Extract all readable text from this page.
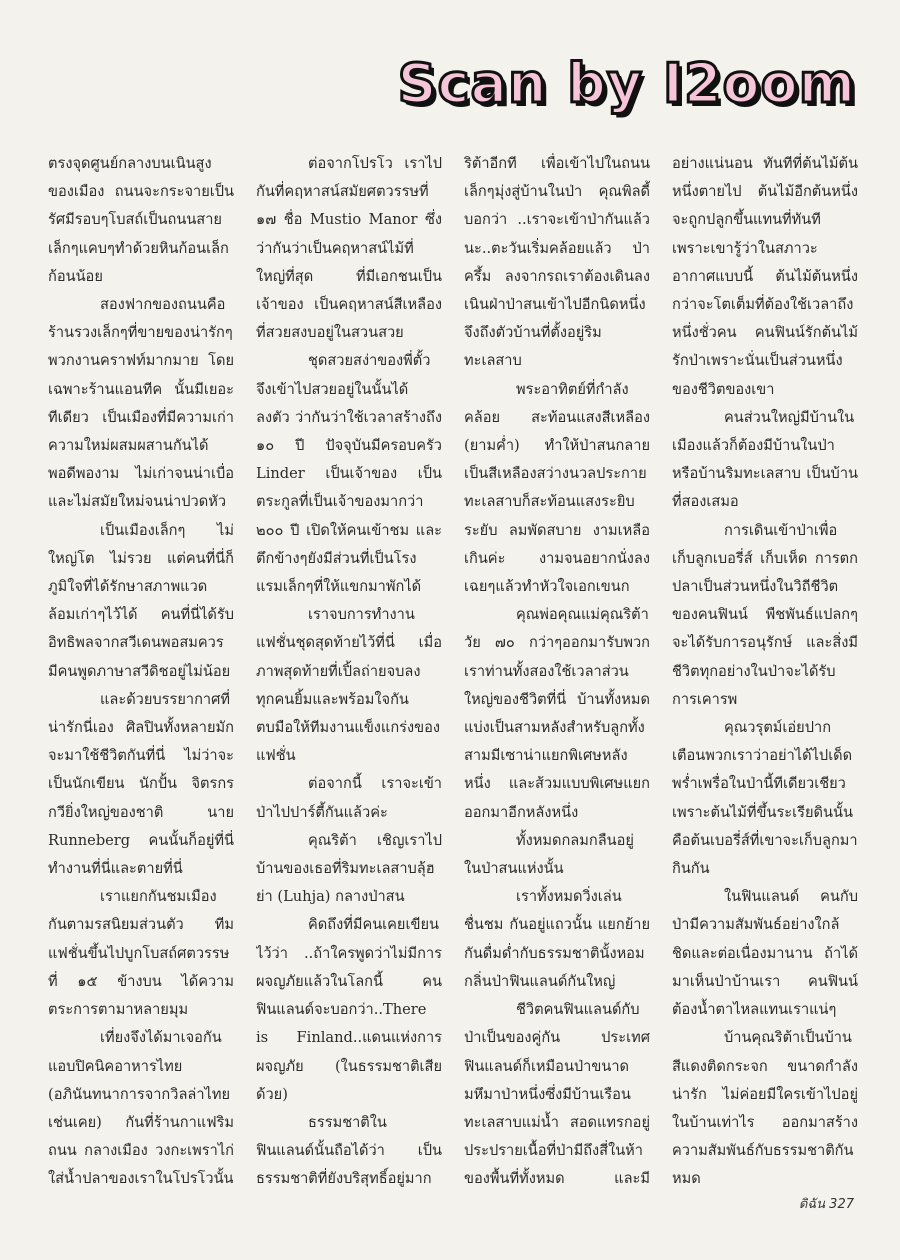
Scan by I2oom

ตรงจุดศูนย์กลางบนเนินสูงของเมือง ถนนจะกระจายเป็นรัศมีรอบๆโบสถ์เป็นถนนสายเล็กๆแคบๆทำด้วยหินก้อนเล็กก้อนน้อย

สองฟากของถนนคือร้านรวงเล็กๆที่ขายของน่ารักๆพวกงานคราฟท์มากมาย โดยเฉพาะร้านแอนทีค นั้นมีเยอะทีเดียว เป็นเมืองที่มีความเก่าความใหม่ผสมผสานกันได้พอดีพองาม ไม่เก่าจนน่าเบื่อ และไม่สมัยใหม่จนน่าปวดหัว

เป็นเมืองเล็กๆ ไม่ใหญ่โต ไม่รวย แต่คนที่นี่ก็ภูมิใจที่ได้รักษาสภาพแวดล้อมเก่าๆไว้ได้ คนที่นี่ได้รับอิทธิพลจากสวีเดนพอสมควร มีคนพูดภาษาสวีดิชอยู่ไม่น้อย

และด้วยบรรยากาศที่น่ารักนี่เอง ศิลปินทั้งหลายมักจะมาใช้ชีวิตกันที่นี่ ไม่ว่าจะเป็นนักเขียน นักปั้น จิตรกร กวียิ่งใหญ่ของชาติ นาย Runneberg คนนั้นก็อยู่ที่นี่ ทำงานที่นี่และตายที่นี่

เราแยกกันชมเมืองกันตามรสนิยมส่วนตัว ทีมแฟชั่นขึ้นไปบูกโบสถ์ศตวรรษที่ ๑๕ ข้างบน ได้ความตระการตามาหลายมุม

เที่ยงจึงได้มาเจอกันแอบปิคนิคอาหารไทย (อภินันทนาการจากวิลล่าไทยเช่นเคย) กันที่ร้านกาแฟริมถนน กลางเมือง วงกะเพราไก่ใส่น้ำปลาของเราในโปรโวนั้น

ต่อจากโปรโว เราไปกันที่คฤหาสน์สมัยศตวรรษที่ ๑๗ ชื่อ Mustio Manor ซึ่งว่ากันว่าเป็นคฤหาสน์ไม้ที่ใหญ่ที่สุด ที่มีเอกชนเป็นเจ้าของ เป็นคฤหาสน์สีเหลืองที่สวยสงบอยู่ในสวนสวย

ชุดสวยสง่าของพี่ตั้วจึงเข้าไปสวยอยู่ในนั้นได้ลงตัว ว่ากันว่าใช้เวลาสร้างถึง ๑๐ ปี ปัจจุบันมีครอบครัว Linder เป็นเจ้าของ เป็นตระกูลที่เป็นเจ้าของมากว่า ๒๐๐ ปี เปิดให้คนเข้าชม และตึกข้างๆยังมีส่วนที่เป็นโรงแรมเล็กๆที่ให้แขกมาพักได้

เราจบการทำงานแฟชั่นชุดสุดท้ายไว้ที่นี่ เมื่อภาพสุดท้ายที่เปิ้ลถ่ายจบลง ทุกคนยิ้มและพร้อมใจกันตบมือให้ทีมงานแข็งแกร่งของแฟชั่น

ต่อจากนี้ เราจะเข้าป่าไปปาร์ตี้กันแล้วค่ะ

คุณริต้า เชิญเราไปบ้านของเธอที่ริมทะเลสาบลุ้ฮย่า (Luhja) กลางป่าสน

คิดถึงที่มีคนเคยเขียนไว้ว่า ..ถ้าใครพูดว่าไม่มีการผจญภัยแล้วในโลกนี้ คนฟินแลนด์จะบอกว่า..There is Finland..แดนแห่งการผจญภัย (ในธรรมชาติเสียด้วย)

ธรรมชาติในฟินแลนด์นั้นถือได้ว่า เป็นธรรมชาติที่ยังบริสุทธิ์อยู่มาก

ริต้าอีกที เพื่อเข้าไปในถนนเล็กๆมุ่งสู่บ้านในป่า คุณพิลดี้บอกว่า ..เราจะเข้าป่ากันแล้วนะ..ตะวันเริ่มคล้อยแล้ว ป่าครึ้ม ลงจากรถเราต้องเดินลงเนินฝ่าป่าสนเข้าไปอีกนิดหนึ่งจึงถึงตัวบ้านที่ตั้งอยู่ริมทะเลสาบ

พระอาทิตย์ที่กำลังคล้อย สะท้อนแสงสีเหลือง (ยามค่ำ) ทำให้ป่าสนกลายเป็นสีเหลืองสว่างนวลประกายทะเลสาบก็สะท้อนแสงระยิบระยับ ลมพัดสบาย งามเหลือเกินค่ะ งามจนอยากนั่งลงเฉยๆแล้วทำหัวใจเอกเขนก

คุณพ่อคุณแม่คุณริต้าวัย ๗๐ กว่าๆออกมารับพวกเราท่านทั้งสองใช้เวลาส่วนใหญ่ของชีวิตที่นี่ บ้านทั้งหมดแบ่งเป็นสามหลังสำหรับลูกทั้งสามมีเซาน่าแยกพิเศษหลังหนึ่ง และส้วมแบบพิเศษแยกออกมาอีกหลังหนึ่ง

ทั้งหมดกลมกลืนอยู่ในป่าสนแห่งนั้น

เราทั้งหมดวิ่งเล่น ชื่นชม กันอยู่แถวนั้น แยกย้ายกันดื่มด่ำกับธรรมชาตินั้งหอมกลิ่นป่าฟินแลนด์กันใหญ่

ชีวิตคนฟินแลนด์กับป่าเป็นของคู่กัน ประเทศฟินแลนด์ก็เหมือนป่าขนาดมหึมาป่าหนึ่งซึ่งมีบ้านเรือน ทะเลสาบแม่น้ำ สอดแทรกอยู่ประปรายเนื้อที่ป่ามีถึงสี่ในห้าของพื้นที่ทั้งหมด และมี

อย่างแน่นอน ทันทีที่ต้นไม้ต้นหนึ่งตายไป ต้นไม้อีกต้นหนึ่งจะถูกปลูกขึ้นแทนที่ทันทีเพราะเขารู้ว่าในสภาวะอากาศแบบนี้ ต้นไม้ต้นหนึ่งกว่าจะโตเต็มที่ต้องใช้เวลาถึงหนึ่งชั่วคน คนฟินน์รักต้นไม้ รักป่าเพราะนั่นเป็นส่วนหนึ่งของชีวิตของเขา

คนส่วนใหญ่มีบ้านในเมืองแล้วก็ต้องมีบ้านในป่า หรือบ้านริมทะเลสาบ เป็นบ้านที่สองเสมอ

การเดินเข้าป่าเพื่อเก็บลูกเบอรี่ส์ เก็บเห็ด การตกปลาเป็นส่วนหนึ่งในวิถีชีวิตของคนฟินน์ พืชพันธ์แปลกๆจะได้รับการอนุรักษ์ และสิ่งมีชีวิตทุกอย่างในป่าจะได้รับการเคารพ

คุณวรุตม์เอ่ยปากเตือนพวกเราว่าอย่าได้ไปเด็ดพร่ำเพรื่อในป่านี้ทีเดียวเชียวเพราะต้นไม้ที่ขึ้นระเรียดินนั้นคือต้นเบอรี่ส์ที่เขาจะเก็บลูกมากินกัน

ในฟินแลนด์ คนกับป่ามีความสัมพันธ์อย่างใกล้ชิดและต่อเนื่องมานาน ถ้าได้มาเห็นป่าบ้านเรา คนฟินน์ต้องน้ำตาไหลแทนเราแน่ๆ

บ้านคุณริต้าเป็นบ้านสีแดงติดกระจก ขนาดกำลังน่ารัก ไม่ค่อยมีใครเข้าไปอยู่ในบ้านเท่าไร ออกมาสร้างความสัมพันธ์กับธรรมชาติกันหมด

ดิฉัน 327
